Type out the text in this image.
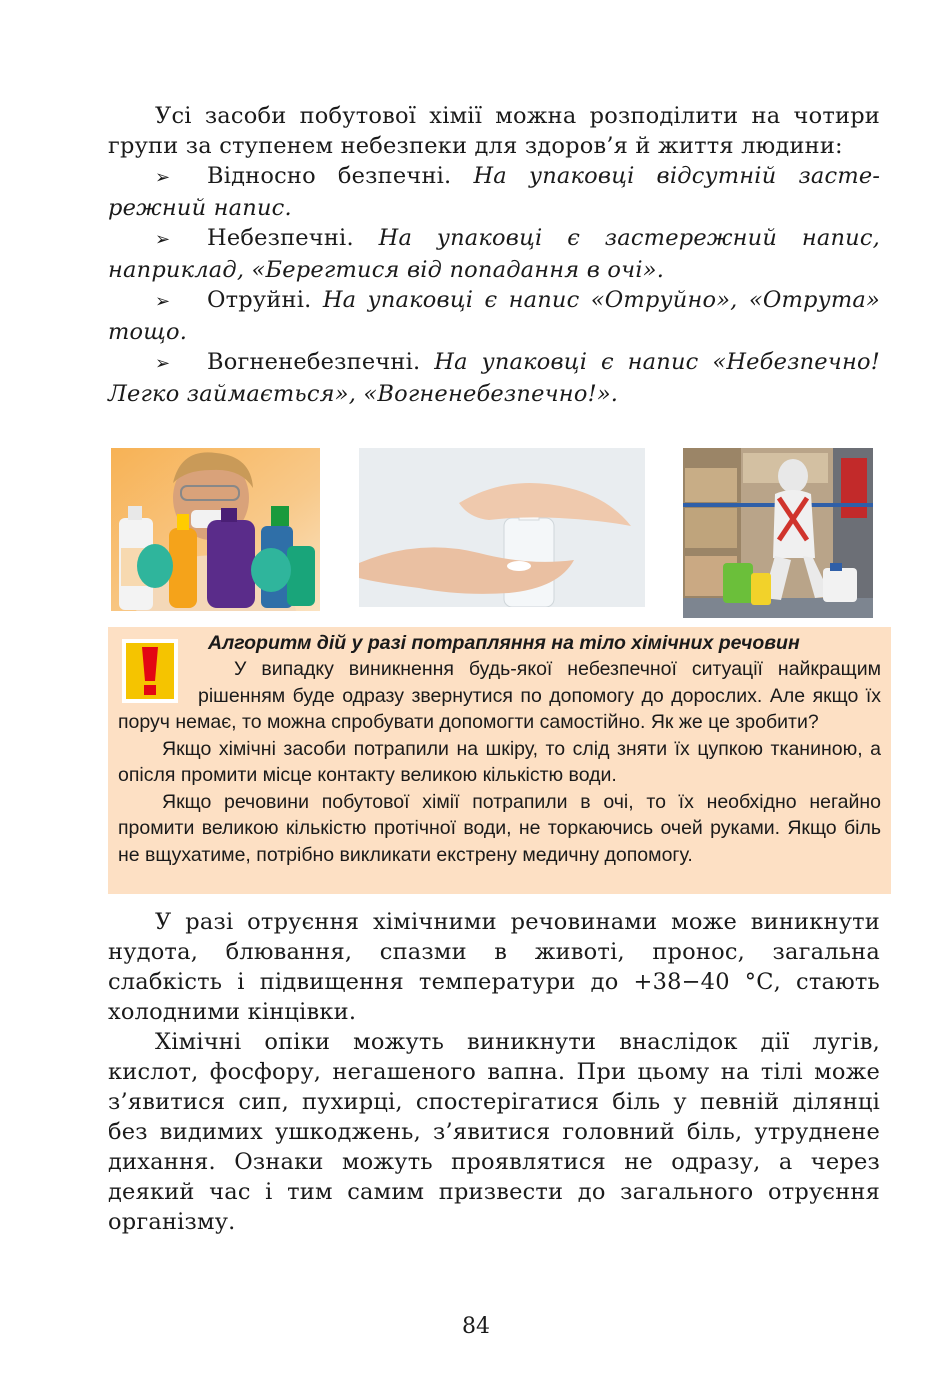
Усі засоби побутової хімії можна розподілити на чотири групи за ступенем небезпеки для здоров’я й життя людини:

➢ Відносно безпечні. На упаковці відсутній застережний напис.
➢ Небезпечні. На упаковці є застережний напис, наприклад, «Берегтися від попадання в очі».
➢ Отруйні. На упаковці є напис «Отруйно», «Отрута» тощо.
➢ Вогненебезпечні. На упаковці є напис «Небезпечно! Легко займається», «Вогненебезпечно!».
Алгоритм дій у разі потрапляння на тіло хімічних речовин

У випадку виникнення будь-якої небезпечної ситуації найкращим рішенням буде одразу звернутися по допомогу до дорослих. Але якщо їх поруч немає, то можна спробувати допомогти самостійно. Як же це зробити?

Якщо хімічні засоби потрапили на шкіру, то слід зняти їх цупкою тканиною, а опісля промити місце контакту великою кількістю води.

Якщо речовини побутової хімії потрапили в очі, то їх необхідно негайно промити великою кількістю протічної води, не торкаючись очей руками. Якщо біль не вщухатиме, потрібно викликати екстрену медичну допомогу.

У разі отруєння хімічними речовинами може виникнути нудота, блювання, спазми в животі, пронос, загальна слабкість і підвищення температури до +38−40 °С, стають холодними кінцівки.

Хімічні опіки можуть виникнути внаслідок дії лугів, кислот, фосфору, негашеного вапна. При цьому на тілі може з’явитися сип, пухирці, спостерігатися біль у певній ділянці без видимих ушкоджень, з’явитися головний біль, утруднене дихання. Ознаки можуть проявлятися не одразу, а через деякий час і тим самим призвести до загального отруєння організму.

84
